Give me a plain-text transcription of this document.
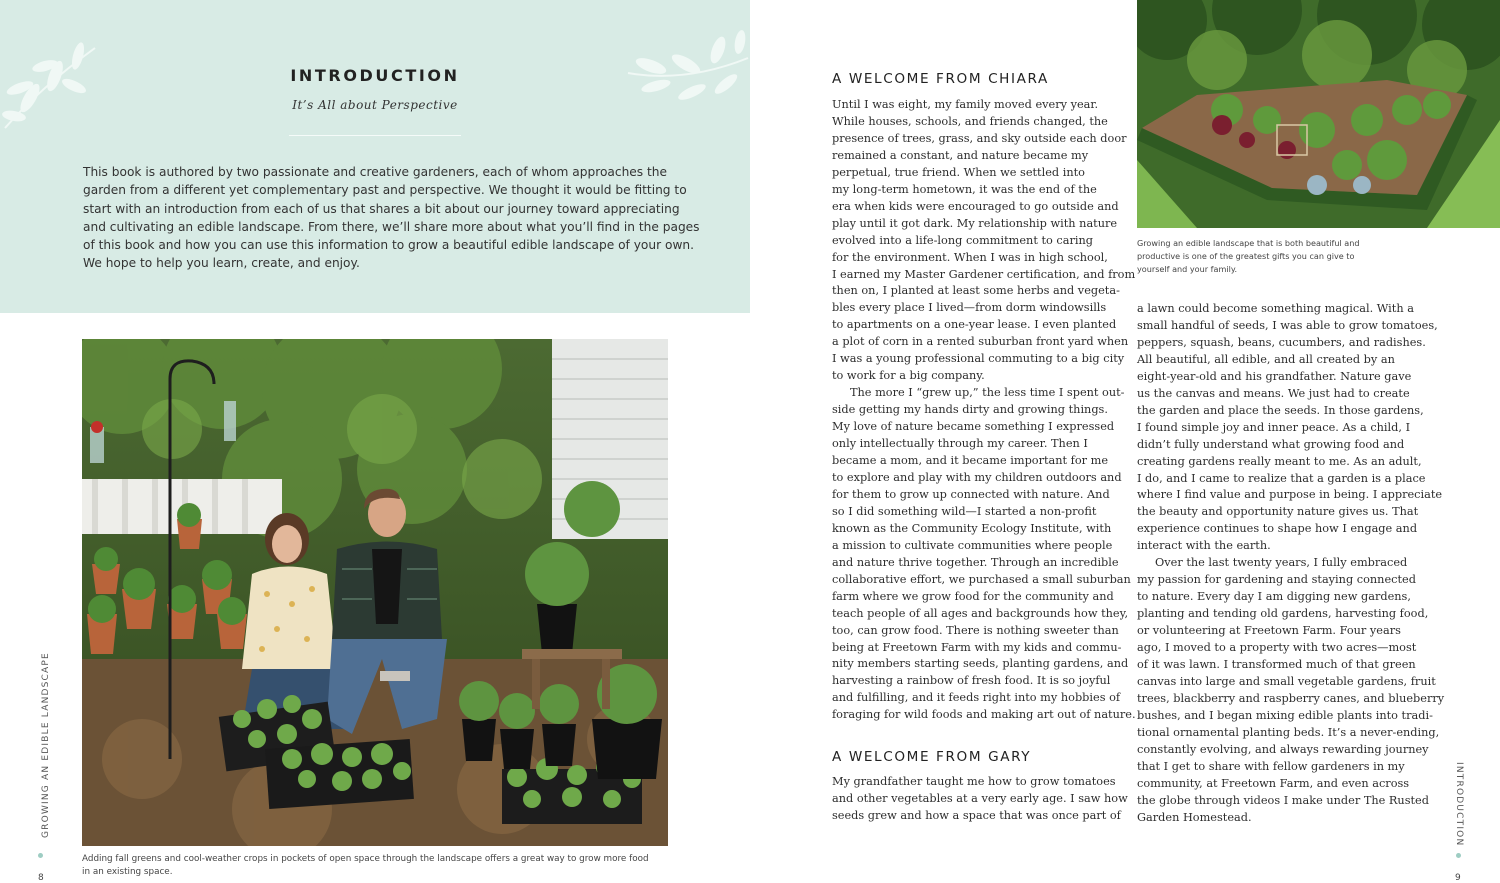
INTRODUCTION
It’s All about Perspective
This book is authored by two passionate and creative gardeners, each of whom approaches the
garden from a different yet complementary past and perspective. We thought it would be fitting to
start with an introduction from each of us that shares a bit about our journey toward appreciating
and cultivating an edible landscape. From there, we’ll share more about what you’ll find in the pages
of this book and how you can use this information to grow a beautiful edible landscape of your own.
We hope to help you learn, create, and enjoy.
Adding fall greens and cool-weather crops in pockets of open space through the landscape offers a great way to grow more food
in an existing space.
GROWING AN EDIBLE LANDSCAPE
8
A WELCOME FROM CHIARA
Until I was eight, my family moved every year.
While houses, schools, and friends changed, the
presence of trees, grass, and sky outside each door
remained a constant, and nature became my
perpetual, true friend. When we settled into
my long-term hometown, it was the end of the
era when kids were encouraged to go outside and
play until it got dark. My relationship with nature
evolved into a life-long commitment to caring
for the environment. When I was in high school,
I earned my Master Gardener certification, and from
then on, I planted at least some herbs and vegeta-
bles every place I lived—from dorm windowsills
to apartments on a one-year lease. I even planted
a plot of corn in a rented suburban front yard when
I was a young professional commuting to a big city
to work for a big company.
The more I “grew up,” the less time I spent out-
side getting my hands dirty and growing things.
My love of nature became something I expressed
only intellectually through my career. Then I
became a mom, and it became important for me
to explore and play with my children outdoors and
for them to grow up connected with nature. And
so I did something wild—I started a non-profit
known as the Community Ecology Institute, with
a mission to cultivate communities where people
and nature thrive together. Through an incredible
collaborative effort, we purchased a small suburban
farm where we grow food for the community and
teach people of all ages and backgrounds how they,
too, can grow food. There is nothing sweeter than
being at Freetown Farm with my kids and commu-
nity members starting seeds, planting gardens, and
harvesting a rainbow of fresh food. It is so joyful
and fulfilling, and it feeds right into my hobbies of
foraging for wild foods and making art out of nature.
A WELCOME FROM GARY
My grandfather taught me how to grow tomatoes
and other vegetables at a very early age. I saw how
seeds grew and how a space that was once part of
Growing an edible landscape that is both beautiful and
productive is one of the greatest gifts you can give to
yourself and your family.
a lawn could become something magical. With a
small handful of seeds, I was able to grow tomatoes,
peppers, squash, beans, cucumbers, and radishes.
All beautiful, all edible, and all created by an
eight-year-old and his grandfather. Nature gave
us the canvas and means. We just had to create
the garden and place the seeds. In those gardens,
I found simple joy and inner peace. As a child, I
didn’t fully understand what growing food and
creating gardens really meant to me. As an adult,
I do, and I came to realize that a garden is a place
where I find value and purpose in being. I appreciate
the beauty and opportunity nature gives us. That
experience continues to shape how I engage and
interact with the earth.
Over the last twenty years, I fully embraced
my passion for gardening and staying connected
to nature. Every day I am digging new gardens,
planting and tending old gardens, harvesting food,
or volunteering at Freetown Farm. Four years
ago, I moved to a property with two acres—most
of it was lawn. I transformed much of that green
canvas into large and small vegetable gardens, fruit
trees, blackberry and raspberry canes, and blueberry
bushes, and I began mixing edible plants into tradi-
tional ornamental planting beds. It’s a never-ending,
constantly evolving, and always rewarding journey
that I get to share with fellow gardeners in my
community, at Freetown Farm, and even across
the globe through videos I make under The Rusted
Garden Homestead.	INTRODUCTION
9
